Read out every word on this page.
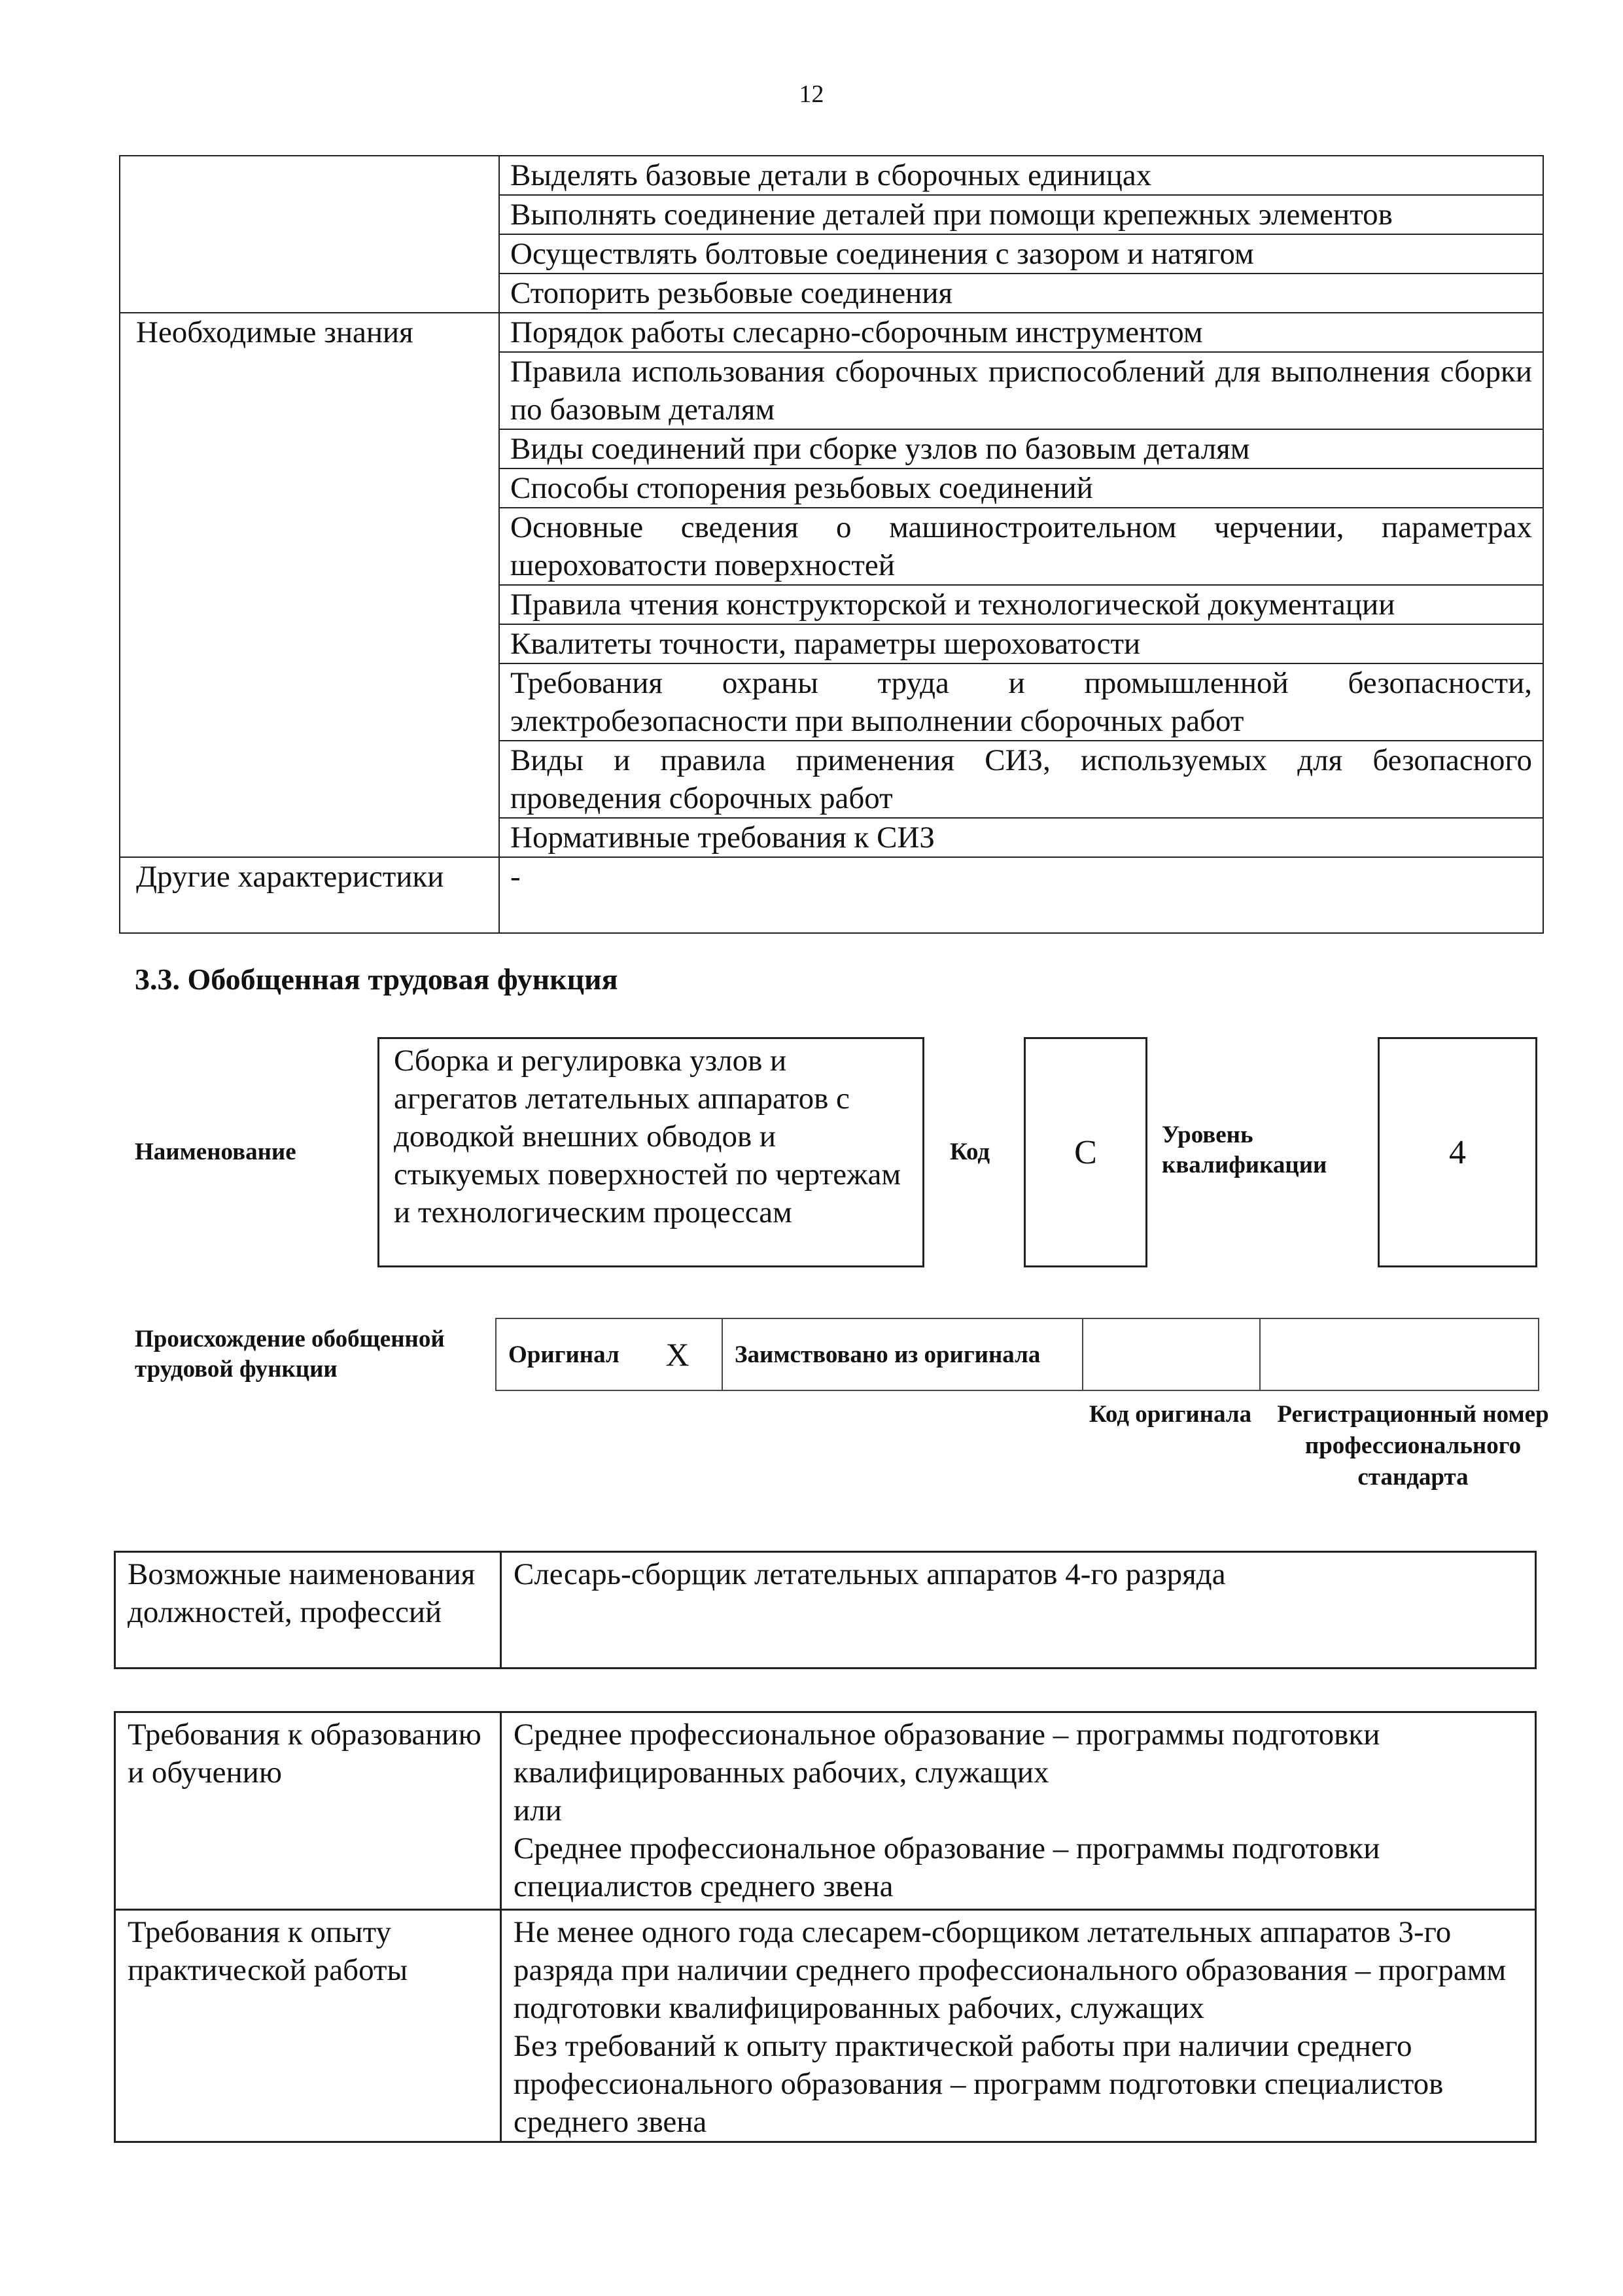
12
	Выделять базовые детали в сборочных единицах
	Выполнять соединение деталей при помощи крепежных элементов
	Осуществлять болтовые соединения с зазором и натягом
	Стопорить резьбовые соединения
Необходимые знания	Порядок работы слесарно-сборочным инструментом
	Правила использования сборочных приспособлений для выполнения сборки по базовым деталям
	Виды соединений при сборке узлов по базовым деталям
	Способы стопорения резьбовых соединений
	Основные сведения о машиностроительном черчении, параметрах шероховатости поверхностей
	Правила чтения конструкторской и технологической документации
	Квалитеты точности, параметры шероховатости
	Требования охраны труда и промышленной безопасности, электробезопасности при выполнении сборочных работ
	Виды и правила применения СИЗ, используемых для безопасного проведения сборочных работ
	Нормативные требования к СИЗ
Другие характеристики	-
3.3. Обобщенная трудовая функция
Наименование
Сборка и регулировка узлов и агрегатов летательных аппаратов с доводкой внешних обводов и стыкуемых поверхностей по чертежам и технологическим процессам
Код	C	Уровень квалификации	4
Происхождение обобщенной трудовой функции
Оригинал	X	Заимствовано из оригинала		
Код оригинала	Регистрационный номер профессионального стандарта
Возможные наименования должностей, профессий	Слесарь-сборщик летательных аппаратов 4-го разряда
Требования к образованию и обучению	Среднее профессиональное образование – программы подготовки квалифицированных рабочих, служащих
или
Среднее профессиональное образование – программы подготовки специалистов среднего звена

Требования к опыту практической работы	Не менее одного года слесарем-сборщиком летательных аппаратов 3-го разряда при наличии среднего профессионального образования – программ подготовки квалифицированных рабочих, служащих
Без требований к опыту практической работы при наличии среднего профессионального образования – программ подготовки специалистов среднего звена
